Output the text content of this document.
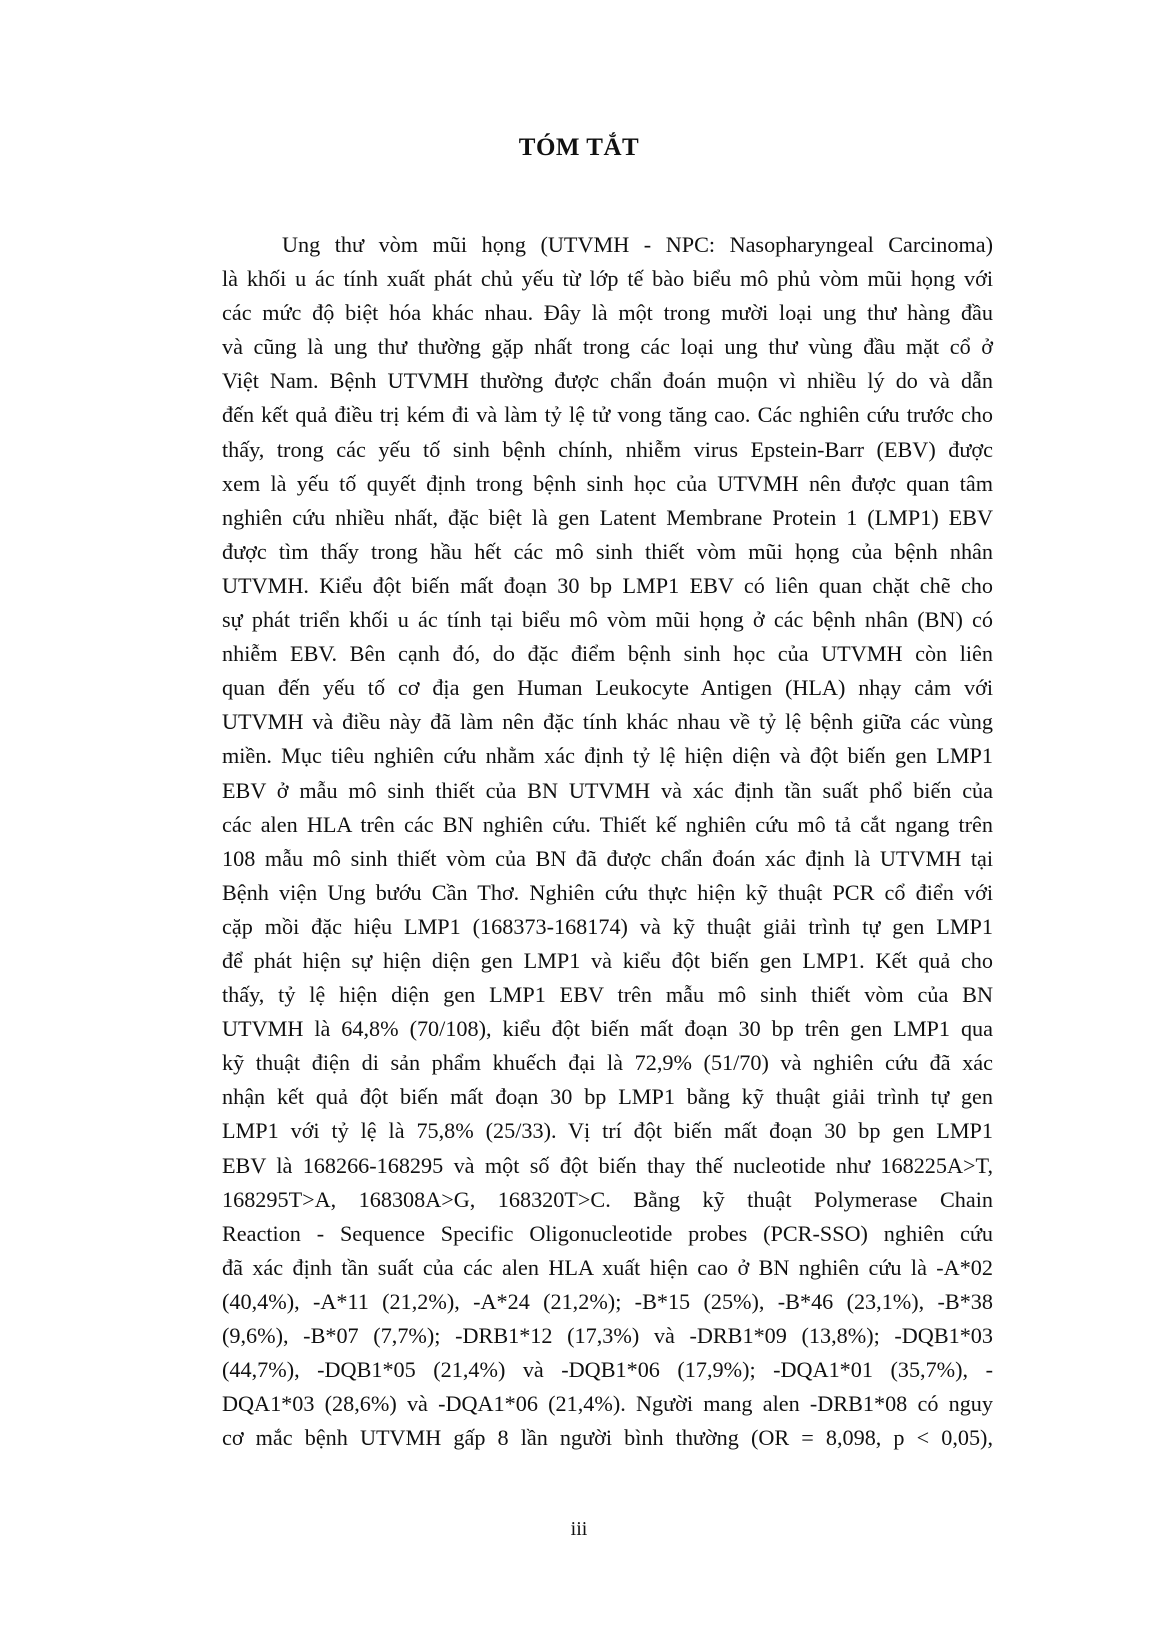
TÓM TẮT
Ung thư vòm mũi họng (UTVMH - NPC: Nasopharyngeal Carcinoma)
là khối u ác tính xuất phát chủ yếu từ lớp tế bào biểu mô phủ vòm mũi họng với
các mức độ biệt hóa khác nhau. Đây là một trong mười loại ung thư hàng đầu
và cũng là ung thư thường gặp nhất trong các loại ung thư vùng đầu mặt cổ ở
Việt Nam. Bệnh UTVMH thường được chẩn đoán muộn vì nhiều lý do và dẫn
đến kết quả điều trị kém đi và làm tỷ lệ tử vong tăng cao. Các nghiên cứu trước cho
thấy, trong các yếu tố sinh bệnh chính, nhiễm virus Epstein-Barr (EBV) được
xem là yếu tố quyết định trong bệnh sinh học của UTVMH nên được quan tâm
nghiên cứu nhiều nhất, đặc biệt là gen Latent Membrane Protein 1 (LMP1) EBV
được tìm thấy trong hầu hết các mô sinh thiết vòm mũi họng của bệnh nhân
UTVMH. Kiểu đột biến mất đoạn 30 bp LMP1 EBV có liên quan chặt chẽ cho
sự phát triển khối u ác tính tại biểu mô vòm mũi họng ở các bệnh nhân (BN) có
nhiễm EBV. Bên cạnh đó, do đặc điểm bệnh sinh học của UTVMH còn liên
quan đến yếu tố cơ địa gen Human Leukocyte Antigen (HLA) nhạy cảm với
UTVMH và điều này đã làm nên đặc tính khác nhau về tỷ lệ bệnh giữa các vùng
miền. Mục tiêu nghiên cứu nhằm xác định tỷ lệ hiện diện và đột biến gen LMP1
EBV ở mẫu mô sinh thiết của BN UTVMH và xác định tần suất phổ biến của
các alen HLA trên các BN nghiên cứu. Thiết kế nghiên cứu mô tả cắt ngang trên
108 mẫu mô sinh thiết vòm của BN đã được chẩn đoán xác định là UTVMH tại
Bệnh viện Ung bướu Cần Thơ. Nghiên cứu thực hiện kỹ thuật PCR cổ điển với
cặp mồi đặc hiệu LMP1 (168373-168174) và kỹ thuật giải trình tự gen LMP1
để phát hiện sự hiện diện gen LMP1 và kiểu đột biến gen LMP1. Kết quả cho
thấy, tỷ lệ hiện diện gen LMP1 EBV trên mẫu mô sinh thiết vòm của BN
UTVMH là 64,8% (70/108), kiểu đột biến mất đoạn 30 bp trên gen LMP1 qua
kỹ thuật điện di sản phẩm khuếch đại là 72,9% (51/70) và nghiên cứu đã xác
nhận kết quả đột biến mất đoạn 30 bp LMP1 bằng kỹ thuật giải trình tự gen
LMP1 với tỷ lệ là 75,8% (25/33). Vị trí đột biến mất đoạn 30 bp gen LMP1
EBV là 168266-168295 và một số đột biến thay thế nucleotide như 168225A>T,
168295T>A, 168308A>G, 168320T>C. Bằng kỹ thuật Polymerase Chain
Reaction - Sequence Specific Oligonucleotide probes (PCR-SSO) nghiên cứu
đã xác định tần suất của các alen HLA xuất hiện cao ở BN nghiên cứu là -A*02
(40,4%), -A*11 (21,2%), -A*24 (21,2%); -B*15 (25%), -B*46 (23,1%), -B*38
(9,6%), -B*07 (7,7%); -DRB1*12 (17,3%) và -DRB1*09 (13,8%); -DQB1*03
(44,7%), -DQB1*05 (21,4%) và -DQB1*06 (17,9%); -DQA1*01 (35,7%), -
DQA1*03 (28,6%) và -DQA1*06 (21,4%). Người mang alen -DRB1*08 có nguy
cơ mắc bệnh UTVMH gấp 8 lần người bình thường (OR = 8,098, p < 0,05),
iii
